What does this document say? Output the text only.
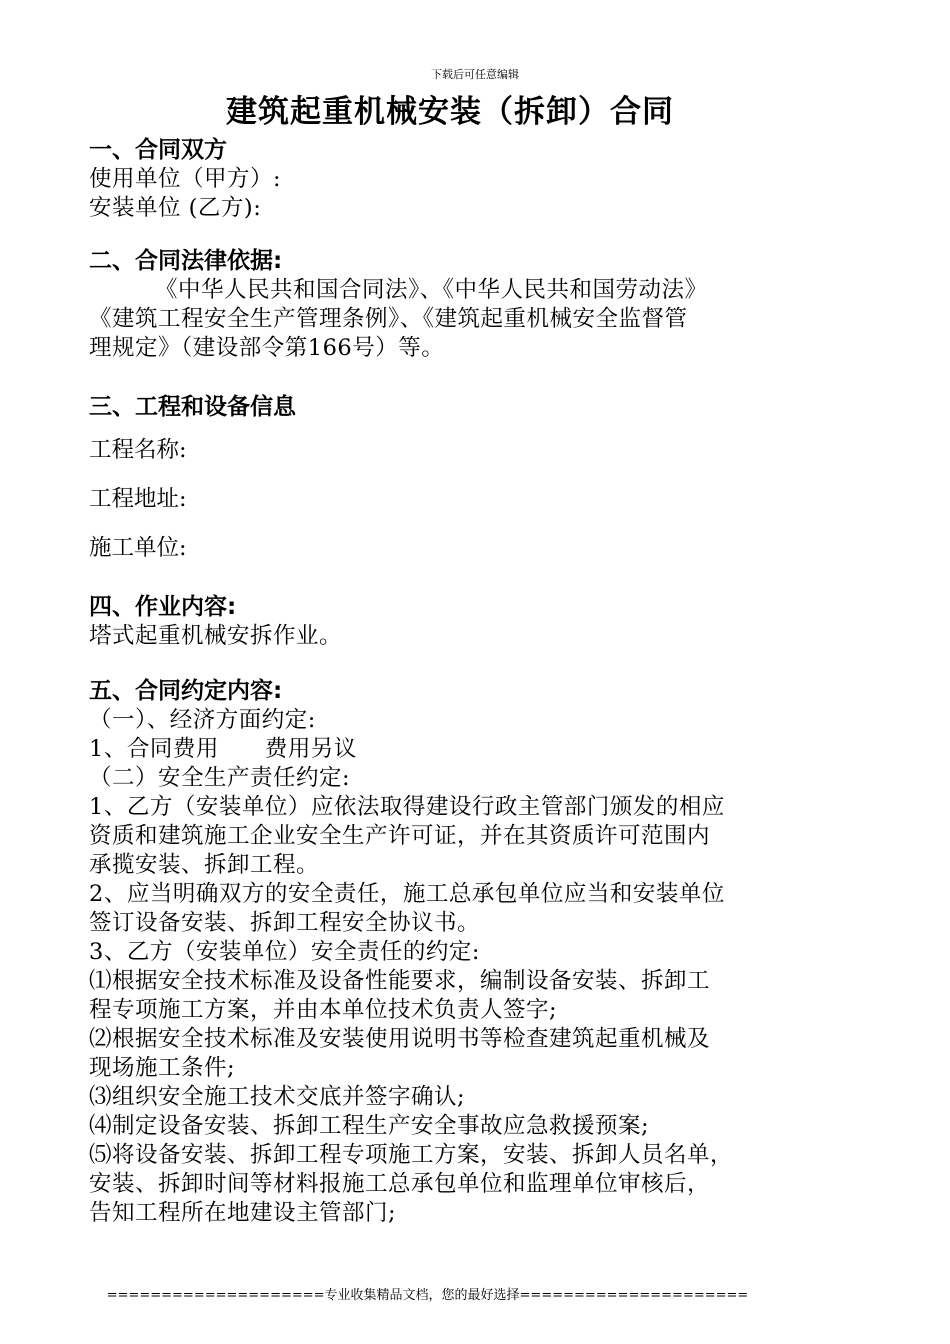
下载后可任意编辑
建筑起重机械安装（拆卸）合同
一、合同双方
使用单位（甲方）:
安装单位 (乙方):
二、合同法律依据:
《中华人民共和国合同法》、《中华人民共和国劳动法》
《建筑工程安全生产管理条例》、《建筑起重机械安全监督管
理规定》（建设部令第166号）等。
三、工程和设备信息
工程名称:
工程地址:
施工单位:
四、作业内容:
塔式起重机械安拆作业。
五、合同约定内容:
（一）、经济方面约定:
1、合同费用　　费用另议
（二）安全生产责任约定:
1、乙方（安装单位）应依法取得建设行政主管部门颁发的相应
资质和建筑施工企业安全生产许可证，并在其资质许可范围内
承揽安装、拆卸工程。
2、应当明确双方的安全责任，施工总承包单位应当和安装单位
签订设备安装、拆卸工程安全协议书。
3、乙方（安装单位）安全责任的约定:
⑴根据安全技术标准及设备性能要求，编制设备安装、拆卸工
程专项施工方案，并由本单位技术负责人签字;
⑵根据安全技术标准及安装使用说明书等检查建筑起重机械及
现场施工条件;
⑶组织安全施工技术交底并签字确认;
⑷制定设备安装、拆卸工程生产安全事故应急救援预案;
⑸将设备安装、拆卸工程专项施工方案，安装、拆卸人员名单，
安装、拆卸时间等材料报施工总承包单位和监理单位审核后，
告知工程所在地建设主管部门;
====================专业收集精品文档，您的最好选择=====================
